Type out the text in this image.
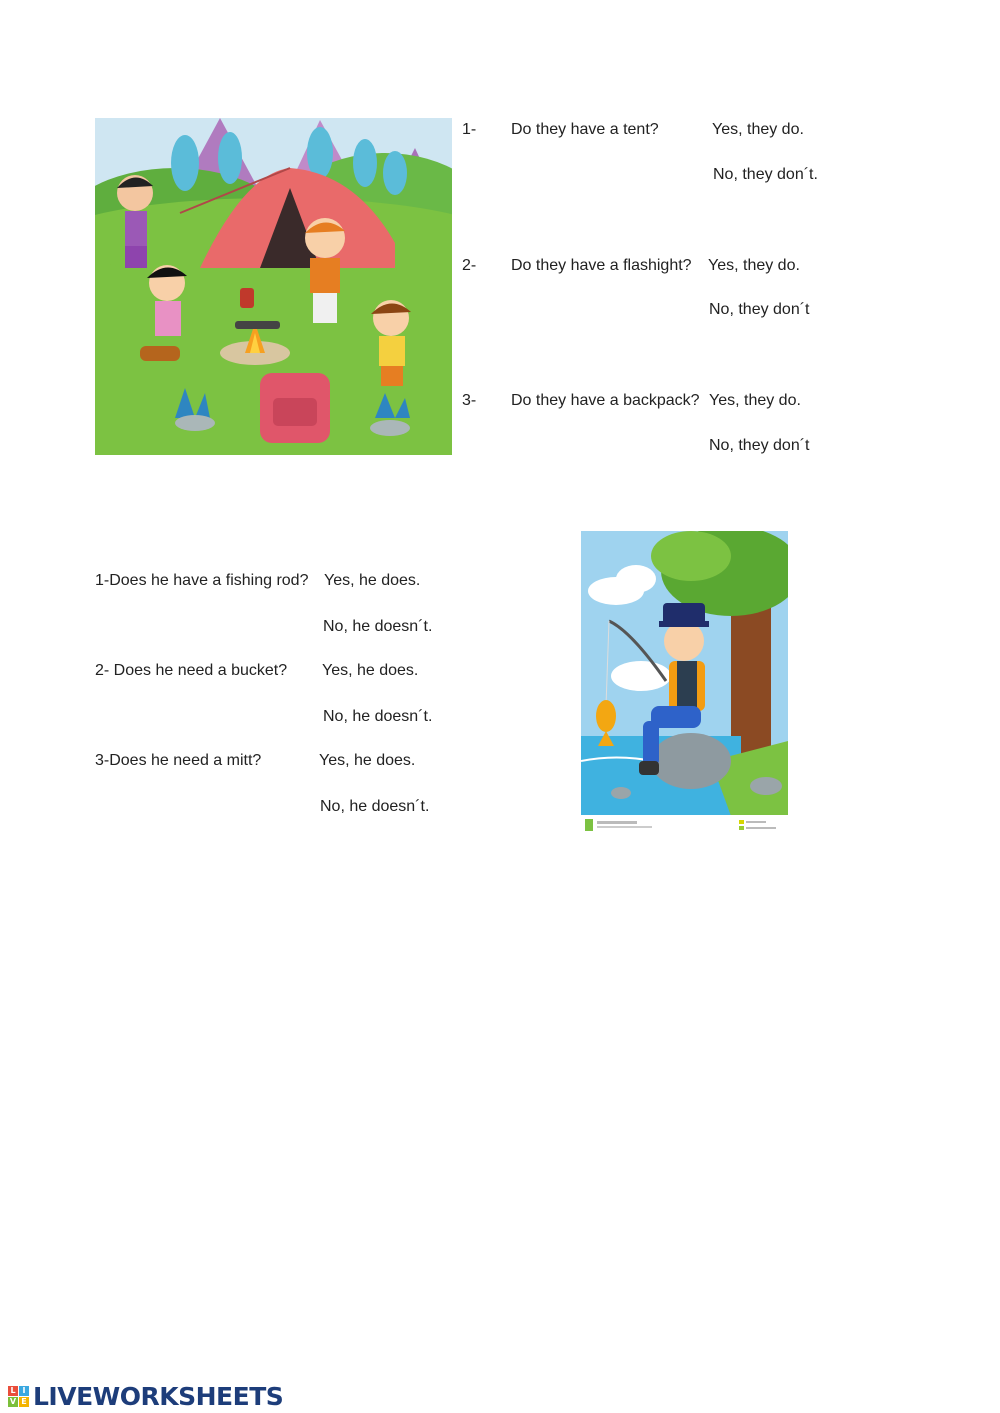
1- Do they have a tent?	Yes, they do.
No, they don´t.
2- Do they have a flashight? Yes, they do.
No, they don´t
3- Do they have a backpack? Yes, they do.
No, they don´t
1-Does he have a fishing rod? Yes, he does.
No, he doesn´t.
2- Does he need a bucket? Yes, he does.
No, he doesn´t.
3-Does he need a mitt?	Yes, he does.
No, he doesn´t.
L I
V E LIVEWORKSHEETS
